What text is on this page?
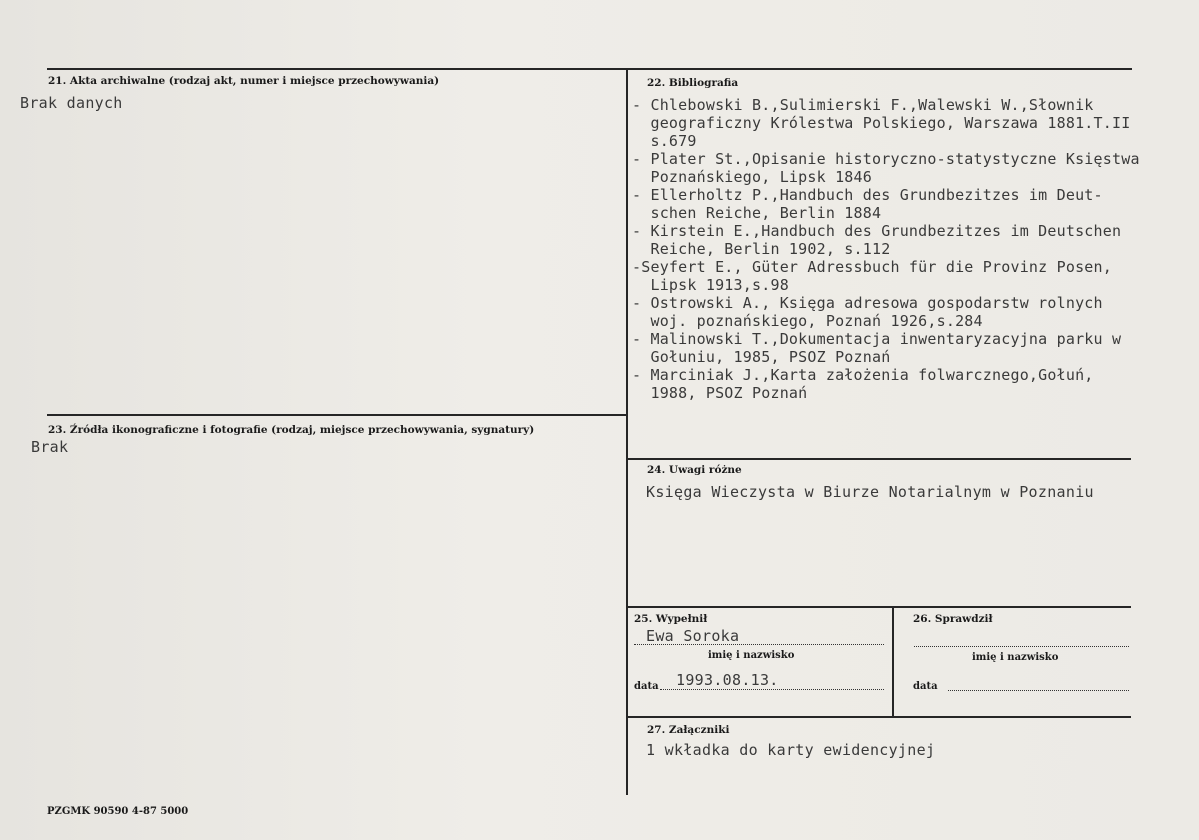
21. Akta archiwalne (rodzaj akt, numer i miejsce przechowywania)
Brak danych
22. Bibliografia
- Chlebowski B.,Sulimierski F.,Walewski W.,Słownik
geograficzny Królestwa Polskiego, Warszawa 1881.T.II
s.679
- Plater St.,Opisanie historyczno-statystyczne Księstwa
Poznańskiego, Lipsk 1846
- Ellerholtz P.,Handbuch des Grundbezitzes im Deut-
schen Reiche, Berlin 1884
- Kirstein E.,Handbuch des Grundbezitzes im Deutschen
Reiche, Berlin 1902, s.112
-Seyfert E., Güter Adressbuch für die Provinz Posen,
Lipsk 1913,s.98
- Ostrowski A., Księga adresowa gospodarstw rolnych
woj. poznańskiego, Poznań 1926,s.284
- Malinowski T.,Dokumentacja inwentaryzacyjna parku w
Gołuniu, 1985, PSOZ Poznań
- Marciniak J.,Karta założenia folwarcznego,Gołuń,
1988, PSOZ Poznań
23. Źródła ikonograficzne i fotografie (rodzaj, miejsce przechowywania, sygnatury)
Brak
24. Uwagi różne
Księga Wieczysta w Biurze Notarialnym w Poznaniu
25. Wypełnił
Ewa Soroka
imię i nazwisko
data 1993.08.13.
26. Sprawdził
imię i nazwisko
data
27. Załączniki
1 wkładka do karty ewidencyjnej
PZGMK 90590 4-87 5000
